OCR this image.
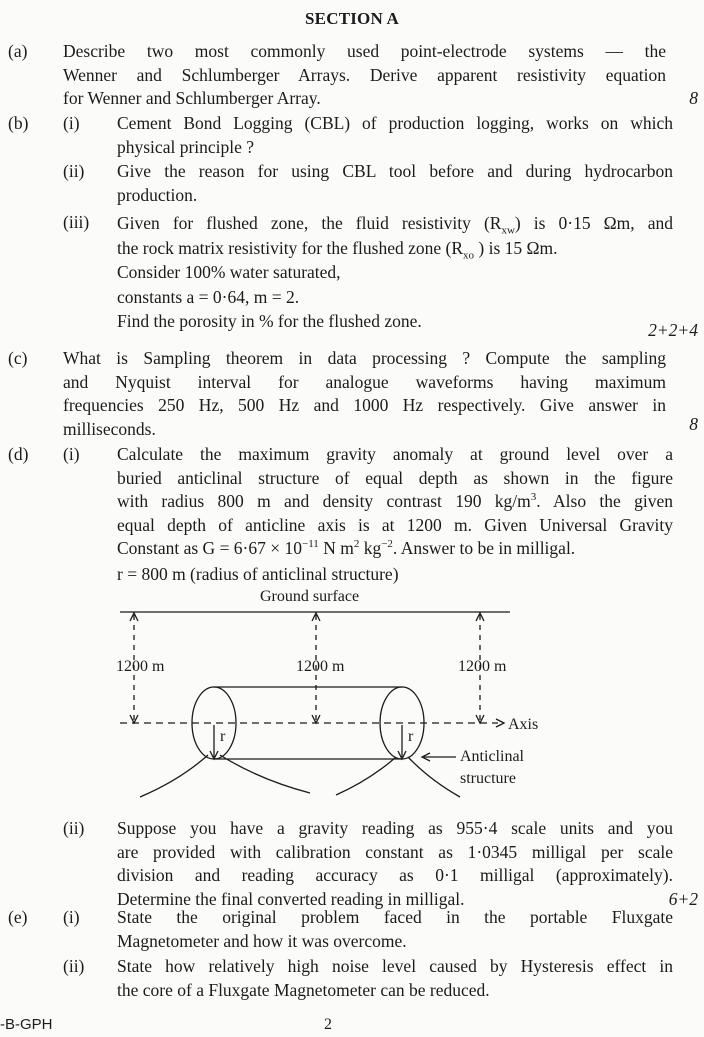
SECTION A
(a) Describe two most commonly used point-electrode systems — the
Wenner and Schlumberger Arrays. Derive apparent resistivity equation
for Wenner and Schlumberger Array.	8
(b) (i) Cement Bond Logging (CBL) of production logging, works on which
physical principle ?
(ii) Give the reason for using CBL tool before and during hydrocarbon
production.
(iii) Given for flushed zone, the fluid resistivity $(R_{xw})$ is 0·15 Ωm, and
the rock matrix resistivity for the flushed zone ($R_{xo}$ ) is 15 Ωm.
Consider 100% water saturated,
constants a = 0·64, m = 2.
Find the porosity in % for the flushed zone.	2+2+4
(c) What is Sampling theorem in data processing ? Compute the sampling
and Nyquist interval for analogue waveforms having maximum
frequencies 250 Hz, 500 Hz and 1000 Hz respectively. Give answer in
milliseconds.	8
(d) (i) Calculate the maximum gravity anomaly at ground level over a
buried anticlinal structure of equal depth as shown in the figure
with radius 800 m and density contrast 190 $kg/m^3$. Also the given
equal depth of anticline axis is at 1200 m. Given Universal Gravity
Constant as $G = 6\cdot 67 \times 10^{-11}$ N $m^2$ $kg^{-2}$. Answer to be in milligal.
r = 800 m (radius of anticlinal structure)
Ground surface
1200 m	1200 m	1200 m
r	r
Axis
Anticlinal
structure
(ii) Suppose you have a gravity reading as 955·4 scale units and you
are provided with calibration constant as 1·0345 milligal per scale
division and reading accuracy as 0·1 milligal (approximately).
Determine the final converted reading in milligal.	6+2
(e) (i) State the original problem faced in the portable Fluxgate
Magnetometer and how it was overcome.
(ii) State how relatively high noise level caused by Hysteresis effect in
the core of a Fluxgate Magnetometer can be reduced.
-B-GPH	2
